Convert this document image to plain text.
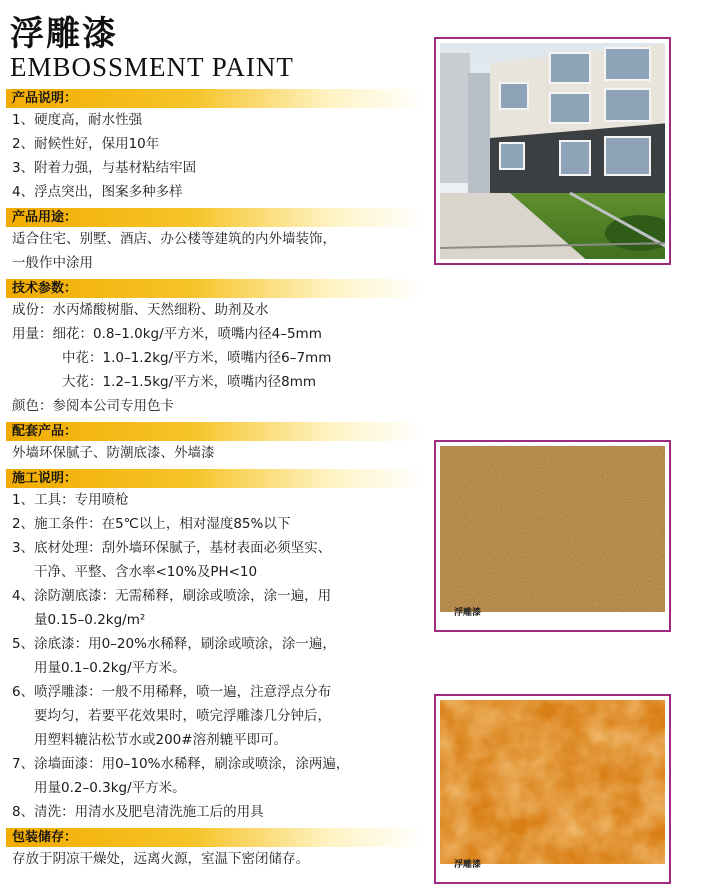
浮雕漆
EMBOSSMENT PAINT
产品说明：
1、硬度高，耐水性强
2、耐候性好，保用10年
3、附着力强，与基材粘结牢固
4、浮点突出，图案多种多样
产品用途：
适合住宅、别墅、酒店、办公楼等建筑的内外墙装饰，
一般作中涂用
技术参数：
成份：水丙烯酸树脂、天然细粉、助剂及水
用量：细花：0.8–1.0kg/平方米，喷嘴内径4–5mm
中花：1.0–1.2kg/平方米，喷嘴内径6–7mm
大花：1.2–1.5kg/平方米，喷嘴内径8mm
颜色：参阅本公司专用色卡
配套产品：
外墙环保腻子、防潮底漆、外墙漆
施工说明：
1、工具：专用喷枪
2、施工条件：在5℃以上，相对湿度85%以下
3、底材处理：刮外墙环保腻子，基材表面必须坚实、
干净、平整、含水率<10%及PH<10
4、涂防潮底漆：无需稀释，刷涂或喷涂，涂一遍，用
量0.15–0.2kg/m²
5、涂底漆：用0–20%水稀释，刷涂或喷涂，涂一遍，
用量0.1–0.2kg/平方米。
6、喷浮雕漆：一般不用稀释，喷一遍，注意浮点分布
要均匀，若要平花效果时，喷完浮雕漆几分钟后，
用塑料辘沾松节水或200#溶剂辘平即可。
7、涂墙面漆：用0–10%水稀释，刷涂或喷涂，涂两遍，
用量0.2–0.3kg/平方米。
8、清洗：用清水及肥皂清洗施工后的用具
包装储存：
存放于阴凉干燥处，远离火源，室温下密闭储存。
浮雕漆
浮雕漆
